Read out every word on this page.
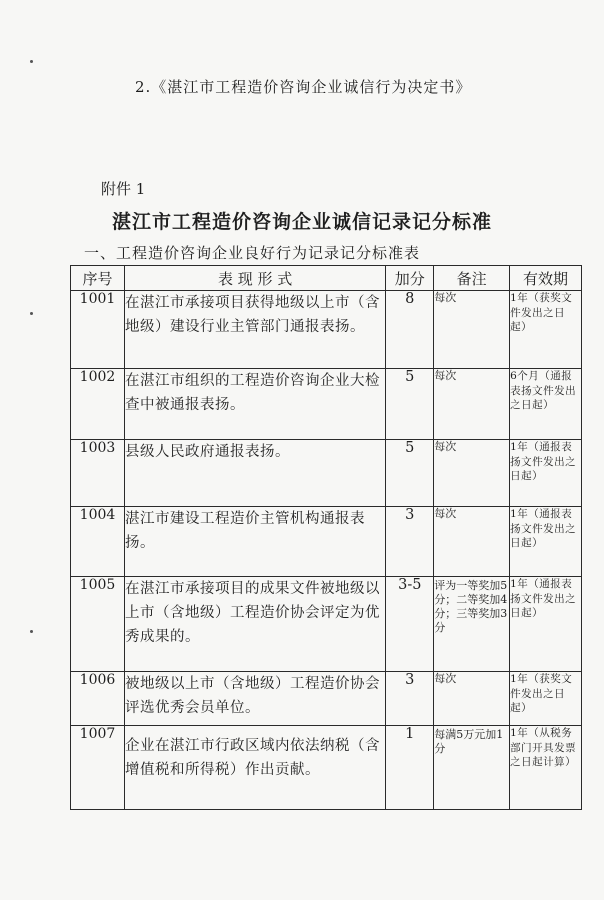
2.《湛江市工程造价咨询企业诚信行为决定书》
附件 1
湛江市工程造价咨询企业诚信记录记分标准
一、工程造价咨询企业良好行为记录记分标准表
序号	表 现 形 式	加分	备注	有效期
1001	在湛江市承接项目获得地级以上市（含地级）建设行业主管部门通报表扬。	8	每次	1年（获奖文件发出之日起）
1002	在湛江市组织的工程造价咨询企业大检查中被通报表扬。	5	每次	6个月（通报表扬文件发出之日起）
1003	县级人民政府通报表扬。	5	每次	1年（通报表扬文件发出之日起）
1004	湛江市建设工程造价主管机构通报表扬。	3	每次	1年（通报表扬文件发出之日起）
1005	在湛江市承接项目的成果文件被地级以上市（含地级）工程造价协会评定为优秀成果的。	3-5	评为一等奖加5分；二等奖加4分；三等奖加3分	1年（通报表扬文件发出之日起）
1006	被地级以上市（含地级）工程造价协会评选优秀会员单位。	3	每次	1年（获奖文件发出之日起）
1007	企业在湛江市行政区域内依法纳税（含增值税和所得税）作出贡献。	1	每满5万元加1分	1年（从税务部门开具发票之日起计算）
